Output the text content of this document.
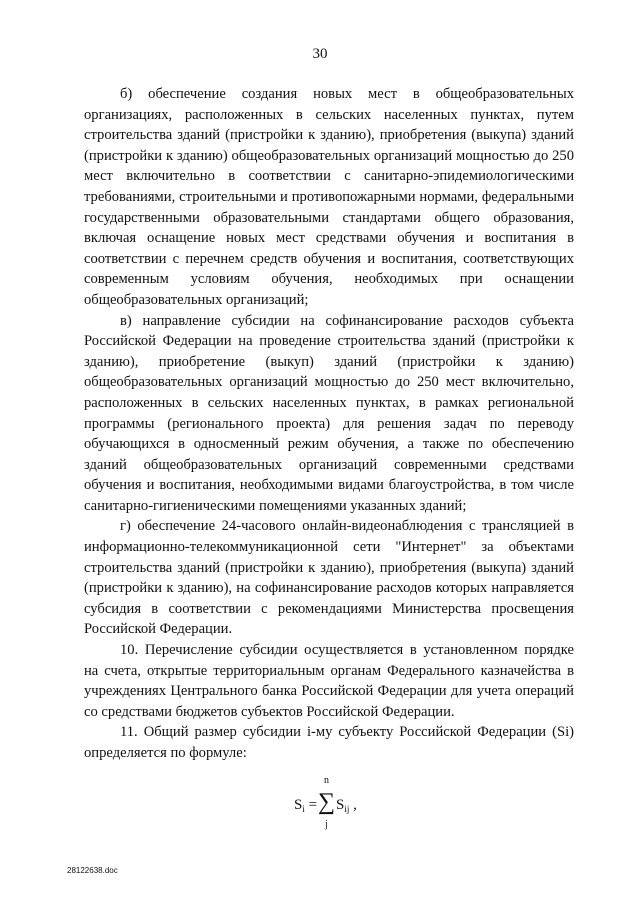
30

б) обеспечение создания новых мест в общеобразовательных организациях, расположенных в сельских населенных пунктах, путем строительства зданий (пристройки к зданию), приобретения (выкупа) зданий (пристройки к зданию) общеобразовательных организаций мощностью до 250 мест включительно в соответствии с санитарно-эпидемиологическими требованиями, строительными и противопожарными нормами, федеральными государственными образовательными стандартами общего образования, включая оснащение новых мест средствами обучения и воспитания в соответствии с перечнем средств обучения и воспитания, соответствующих современным условиям обучения, необходимых при оснащении общеобразовательных организаций;

в) направление субсидии на софинансирование расходов субъекта Российской Федерации на проведение строительства зданий (пристройки к зданию), приобретение (выкуп) зданий (пристройки к зданию) общеобразовательных организаций мощностью до 250 мест включительно, расположенных в сельских населенных пунктах, в рамках региональной программы (регионального проекта) для решения задач по переводу обучающихся в односменный режим обучения, а также по обеспечению зданий общеобразовательных организаций современными средствами обучения и воспитания, необходимыми видами благоустройства, в том числе санитарно-гигиеническими помещениями указанных зданий;

г) обеспечение 24-часового онлайн-видеонаблюдения с трансляцией в информационно-телекоммуникационной сети "Интернет" за объектами строительства зданий (пристройки к зданию), приобретения (выкупа) зданий (пристройки к зданию), на софинансирование расходов которых направляется субсидия в соответствии с рекомендациями Министерства просвещения Российской Федерации.

10. Перечисление субсидии осуществляется в установленном порядке на счета, открытые территориальным органам Федерального казначейства в учреждениях Центрального банка Российской Федерации для учета операций со средствами бюджетов субъектов Российской Федерации.

11. Общий размер субсидии i-му субъекту Российской Федерации (Si) определяется по формуле:

$S_i$ =
n
∑
j
$S_{ij}$ ,
28122638.doc
